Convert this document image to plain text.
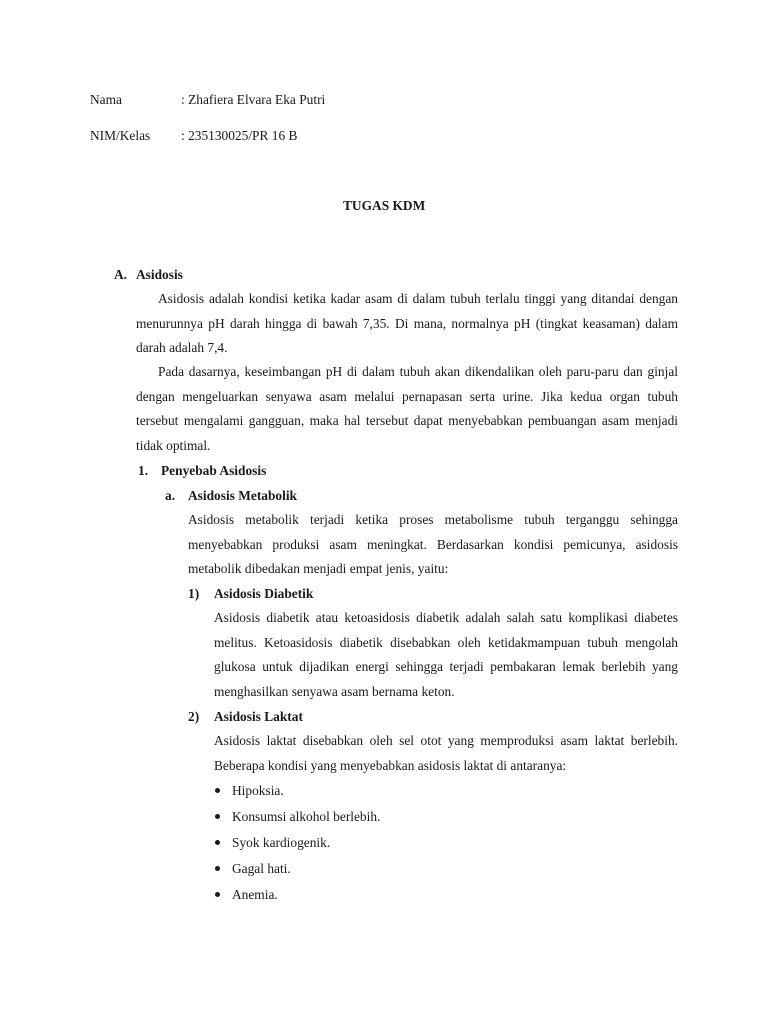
Nama	: Zhafiera Elvara Eka Putri
NIM/Kelas : 235130025/PR 16 B
TUGAS KDM
A. Asidosis
Asidosis adalah kondisi ketika kadar asam di dalam tubuh terlalu tinggi yang ditandai dengan
menurunnya pH darah hingga di bawah 7,35. Di mana, normalnya pH (tingkat keasaman) dalam
darah adalah 7,4.
Pada dasarnya, keseimbangan pH di dalam tubuh akan dikendalikan oleh paru-paru dan ginjal
dengan mengeluarkan senyawa asam melalui pernapasan serta urine. Jika kedua organ tubuh
tersebut mengalami gangguan, maka hal tersebut dapat menyebabkan pembuangan asam menjadi
tidak optimal.
1. Penyebab Asidosis
a. Asidosis Metabolik
Asidosis metabolik terjadi ketika proses metabolisme tubuh terganggu sehingga
menyebabkan produksi asam meningkat. Berdasarkan kondisi pemicunya, asidosis
metabolik dibedakan menjadi empat jenis, yaitu:
1) Asidosis Diabetik
Asidosis diabetik atau ketoasidosis diabetik adalah salah satu komplikasi diabetes
melitus. Ketoasidosis diabetik disebabkan oleh ketidakmampuan tubuh mengolah
glukosa untuk dijadikan energi sehingga terjadi pembakaran lemak berlebih yang
menghasilkan senyawa asam bernama keton.
2) Asidosis Laktat
Asidosis laktat disebabkan oleh sel otot yang memproduksi asam laktat berlebih.
Beberapa kondisi yang menyebabkan asidosis laktat di antaranya:
Hipoksia.
Konsumsi alkohol berlebih.
Syok kardiogenik.
Gagal hati.
Anemia.
